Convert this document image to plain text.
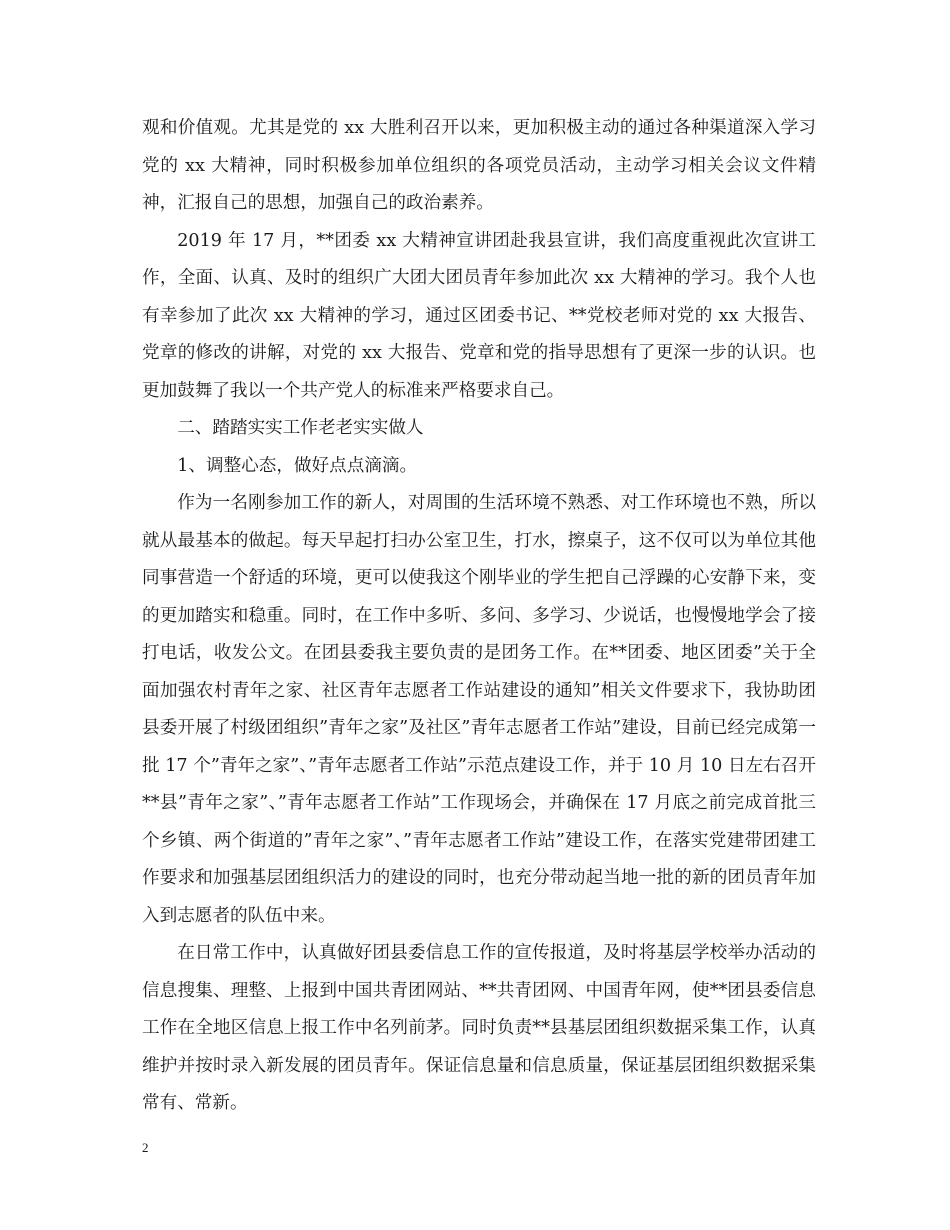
观和价值观。尤其是党的 xx 大胜利召开以来，更加积极主动的通过各种渠道深入学习党的 xx 大精神，同时积极参加单位组织的各项党员活动，主动学习相关会议文件精神，汇报自己的思想，加强自己的政治素养。

2019 年 17 月，**团委 xx 大精神宣讲团赴我县宣讲，我们高度重视此次宣讲工作，全面、认真、及时的组织广大团大团员青年参加此次 xx 大精神的学习。我个人也有幸参加了此次 xx 大精神的学习，通过区团委书记、**党校老师对党的 xx 大报告、党章的修改的讲解，对党的 xx 大报告、党章和党的指导思想有了更深一步的认识。也更加鼓舞了我以一个共产党人的标准来严格要求自己。

二、踏踏实实工作老老实实做人

1、调整心态，做好点点滴滴。

作为一名刚参加工作的新人，对周围的生活环境不熟悉、对工作环境也不熟，所以就从最基本的做起。每天早起打扫办公室卫生，打水，擦桌子，这不仅可以为单位其他同事营造一个舒适的环境，更可以使我这个刚毕业的学生把自己浮躁的心安静下来，变的更加踏实和稳重。同时，在工作中多听、多问、多学习、少说话，也慢慢地学会了接打电话，收发公文。在团县委我主要负责的是团务工作。在**团委、地区团委”关于全面加强农村青年之家、社区青年志愿者工作站建设的通知”相关文件要求下，我协助团县委开展了村级团组织”青年之家”及社区”青年志愿者工作站”建设，目前已经完成第一批 17 个”青年之家”、”青年志愿者工作站”示范点建设工作，并于 10 月 10 日左右召开**县”青年之家”、”青年志愿者工作站”工作现场会，并确保在 17 月底之前完成首批三个乡镇、两个街道的”青年之家”、”青年志愿者工作站”建设工作，在落实党建带团建工作要求和加强基层团组织活力的建设的同时，也充分带动起当地一批的新的团员青年加入到志愿者的队伍中来。

在日常工作中，认真做好团县委信息工作的宣传报道，及时将基层学校举办活动的信息搜集、理整、上报到中国共青团网站、**共青团网、中国青年网，使**团县委信息工作在全地区信息上报工作中名列前茅。同时负责**县基层团组织数据采集工作，认真维护并按时录入新发展的团员青年。保证信息量和信息质量，保证基层团组织数据采集常有、常新。

2
